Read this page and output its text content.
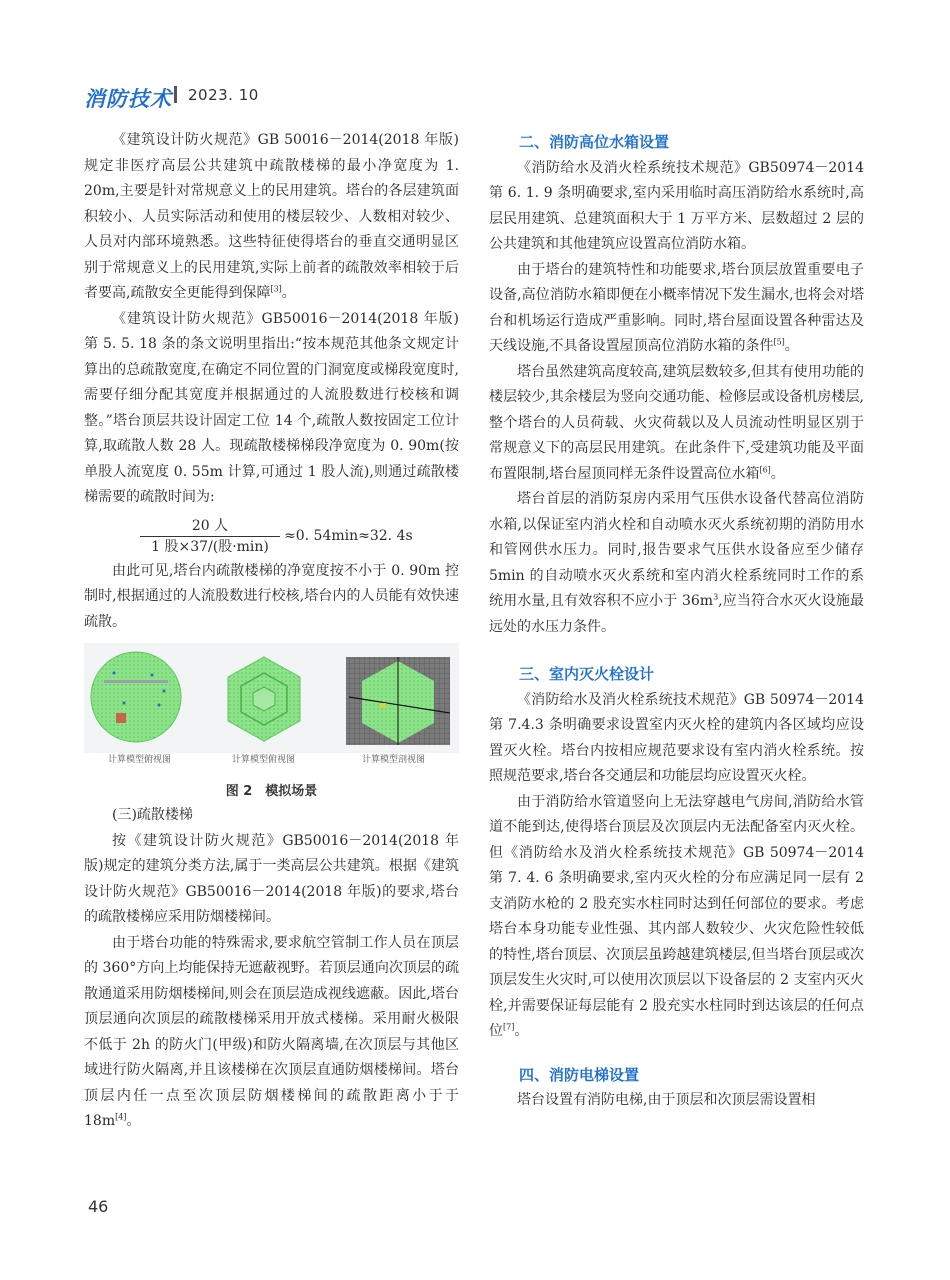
消防技术 2023. 10

《建筑设计防火规范》GB 50016－2014(2018 年版)规定非医疗高层公共建筑中疏散楼梯的最小净宽度为 1. 20m,主要是针对常规意义上的民用建筑。塔台的各层建筑面积较小、人员实际活动和使用的楼层较少、人数相对较少、人员对内部环境熟悉。这些特征使得塔台的垂直交通明显区别于常规意义上的民用建筑,实际上前者的疏散效率相较于后者要高,疏散安全更能得到保障[3]。

《建筑设计防火规范》GB50016－2014(2018 年版)第 5. 5. 18 条的条文说明里指出:“按本规范其他条文规定计算出的总疏散宽度,在确定不同位置的门洞宽度或梯段宽度时,需要仔细分配其宽度并根据通过的人流股数进行校核和调整。”塔台顶层共设计固定工位 14 个,疏散人数按固定工位计算,取疏散人数 28 人。现疏散楼梯梯段净宽度为 0. 90m(按单股人流宽度 0. 55m 计算,可通过 1 股人流),则通过疏散楼梯需要的疏散时间为:

20 人
1 股×37/(股·min)
≈0. 54min≈32. 4s

由此可见,塔台内疏散楼梯的净宽度按不小于 0. 90m 控制时,根据通过的人流股数进行校核,塔台内的人员能有效快速疏散。

计算模型俯视图	计算模型俯视图	计算模型剖视图
图 2　模拟场景

(三)疏散楼梯

按《建筑设计防火规范》GB50016－2014(2018 年版)规定的建筑分类方法,属于一类高层公共建筑。根据《建筑设计防火规范》GB50016－2014(2018 年版)的要求,塔台的疏散楼梯应采用防烟楼梯间。

由于塔台功能的特殊需求,要求航空管制工作人员在顶层的 360°方向上均能保持无遮蔽视野。若顶层通向次顶层的疏散通道采用防烟楼梯间,则会在顶层造成视线遮蔽。因此,塔台顶层通向次顶层的疏散楼梯采用开放式楼梯。采用耐火极限不低于 2h 的防火门(甲级)和防火隔离墙,在次顶层与其他区域进行防火隔离,并且该楼梯在次顶层直通防烟楼梯间。塔台顶层内任一点至次顶层防烟楼梯间的疏散距离小于于 18m[4]。

二、消防高位水箱设置

《消防给水及消火栓系统技术规范》GB50974－2014 第 6. 1. 9 条明确要求,室内采用临时高压消防给水系统时,高层民用建筑、总建筑面积大于 1 万平方米、层数超过 2 层的公共建筑和其他建筑应设置高位消防水箱。

由于塔台的建筑特性和功能要求,塔台顶层放置重要电子设备,高位消防水箱即便在小概率情况下发生漏水,也将会对塔台和机场运行造成严重影响。同时,塔台屋面设置各种雷达及天线设施,不具备设置屋顶高位消防水箱的条件[5]。

塔台虽然建筑高度较高,建筑层数较多,但其有使用功能的楼层较少,其余楼层为竖向交通功能、检修层或设备机房楼层,整个塔台的人员荷载、火灾荷载以及人员流动性明显区别于常规意义下的高层民用建筑。在此条件下,受建筑功能及平面布置限制,塔台屋顶同样无条件设置高位水箱[6]。

塔台首层的消防泵房内采用气压供水设备代替高位消防水箱,以保证室内消火栓和自动喷水灭火系统初期的消防用水和管网供水压力。同时,报告要求气压供水设备应至少储存 5min 的自动喷水灭火系统和室内消火栓系统同时工作的系统用水量,且有效容积不应小于 $36m^3$,应当符合水灭火设施最远处的水压力条件。

三、室内灭火栓设计

《消防给水及消火栓系统技术规范》GB 50974－2014 第 7.4.3 条明确要求设置室内灭火栓的建筑内各区域均应设置灭火栓。塔台内按相应规范要求设有室内消火栓系统。按照规范要求,塔台各交通层和功能层均应设置灭火栓。

由于消防给水管道竖向上无法穿越电气房间,消防给水管道不能到达,使得塔台顶层及次顶层内无法配备室内灭火栓。但《消防给水及消火栓系统技术规范》GB 50974－2014 第 7. 4. 6 条明确要求,室内灭火栓的分布应满足同一层有 2 支消防水枪的 2 股充实水柱同时达到任何部位的要求。考虑塔台本身功能专业性强、其内部人数较少、火灾危险性较低的特性,塔台顶层、次顶层虽跨越建筑楼层,但当塔台顶层或次顶层发生火灾时,可以使用次顶层以下设备层的 2 支室内灭火栓,并需要保证每层能有 2 股充实水柱同时到达该层的任何点位[7]。

四、消防电梯设置

塔台设置有消防电梯,由于顶层和次顶层需设置相

46
